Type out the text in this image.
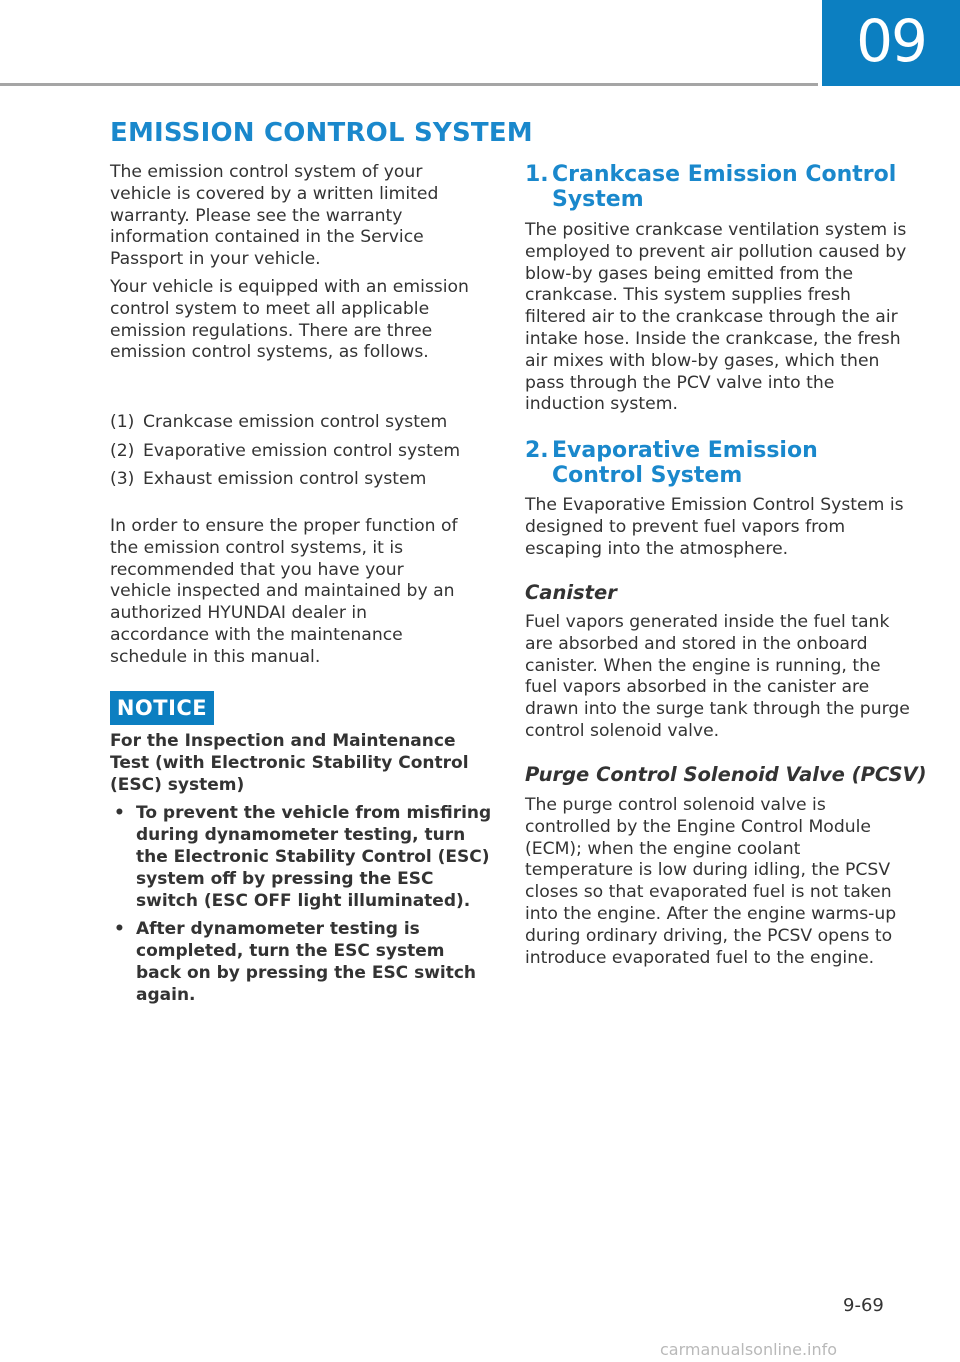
09
EMISSION CONTROL SYSTEM

The emission control system of your vehicle is covered by a written limited warranty. Please see the warranty information contained in the Service Passport in your vehicle.

Your vehicle is equipped with an emission control system to meet all applicable emission regulations. There are three emission control systems, as follows.

(1) Crankcase emission control system
(2) Evaporative emission control system
(3) Exhaust emission control system

In order to ensure the proper function of the emission control systems, it is recommended that you have your vehicle inspected and maintained by an authorized HYUNDAI dealer in accordance with the maintenance schedule in this manual.

NOTICE

For the Inspection and Maintenance Test (with Electronic Stability Control (ESC) system)

• To prevent the vehicle from misfiring during dynamometer testing, turn the Electronic Stability Control (ESC) system off by pressing the ESC switch (ESC OFF light illuminated).
• After dynamometer testing is completed, turn the ESC system back on by pressing the ESC switch again.
1. Crankcase Emission Control System

The positive crankcase ventilation system is employed to prevent air pollution caused by blow-by gases being emitted from the crankcase. This system supplies fresh filtered air to the crankcase through the air intake hose. Inside the crankcase, the fresh air mixes with blow-by gases, which then pass through the PCV valve into the induction system.

2. Evaporative Emission Control System

The Evaporative Emission Control System is designed to prevent fuel vapors from escaping into the atmosphere.

Canister

Fuel vapors generated inside the fuel tank are absorbed and stored in the onboard canister. When the engine is running, the fuel vapors absorbed in the canister are drawn into the surge tank through the purge control solenoid valve.

Purge Control Solenoid Valve (PCSV)

The purge control solenoid valve is controlled by the Engine Control Module (ECM); when the engine coolant temperature is low during idling, the PCSV closes so that evaporated fuel is not taken into the engine. After the engine warms-up during ordinary driving, the PCSV opens to introduce evaporated fuel to the engine.

9-69
carmanualsonline.info
